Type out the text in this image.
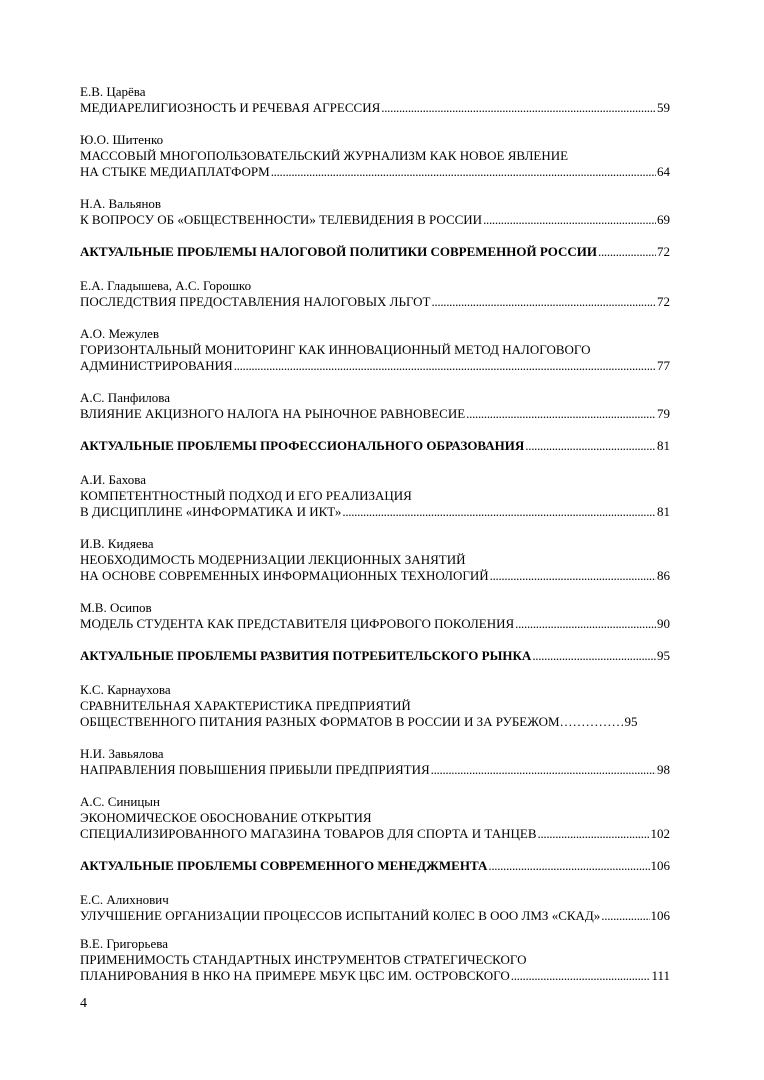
Е.В. Царёва
МЕДИАРЕЛИГИОЗНОСТЬ И РЕЧЕВАЯ АГРЕССИЯ .....	59
Ю.О. Шитенко
МАССОВЫЙ МНОГОПОЛЬЗОВАТЕЛЬСКИЙ ЖУРНАЛИЗМ КАК НОВОЕ ЯВЛЕНИЕ
НА СТЫКЕ МЕДИАПЛАТФОРМ .....	64
Н.А. Вальянов
К ВОПРОСУ ОБ «ОБЩЕСТВЕННОСТИ» ТЕЛЕВИДЕНИЯ В РОССИИ .....	69
АКТУАЛЬНЫЕ ПРОБЛЕМЫ НАЛОГОВОЙ ПОЛИТИКИ СОВРЕМЕННОЙ РОССИИ .....	72
Е.А. Гладышева, А.С. Горошко
ПОСЛЕДСТВИЯ ПРЕДОСТАВЛЕНИЯ НАЛОГОВЫХ ЛЬГОТ .....	72
А.О. Межулев
ГОРИЗОНТАЛЬНЫЙ МОНИТОРИНГ КАК ИННОВАЦИОННЫЙ МЕТОД НАЛОГОВОГО
АДМИНИСТРИРОВАНИЯ .....	77
А.С. Панфилова
ВЛИЯНИЕ АКЦИЗНОГО НАЛОГА НА РЫНОЧНОЕ РАВНОВЕСИЕ .....	79
АКТУАЛЬНЫЕ ПРОБЛЕМЫ ПРОФЕССИОНАЛЬНОГО ОБРАЗОВАНИЯ .....	81
А.И. Бахова
КОМПЕТЕНТНОСТНЫЙ ПОДХОД И ЕГО РЕАЛИЗАЦИЯ
В ДИСЦИПЛИНЕ «ИНФОРМАТИКА И ИКТ» .....	81
И.В. Кидяева
НЕОБХОДИМОСТЬ МОДЕРНИЗАЦИИ ЛЕКЦИОННЫХ ЗАНЯТИЙ
НА ОСНОВЕ СОВРЕМЕННЫХ ИНФОРМАЦИОННЫХ ТЕХНОЛОГИЙ .....	86
М.В. Осипов
МОДЕЛЬ СТУДЕНТА КАК ПРЕДСТАВИТЕЛЯ ЦИФРОВОГО ПОКОЛЕНИЯ .....	90
АКТУАЛЬНЫЕ ПРОБЛЕМЫ РАЗВИТИЯ ПОТРЕБИТЕЛЬСКОГО РЫНКА .....	95
К.С. Карнаухова
СРАВНИТЕЛЬНАЯ ХАРАКТЕРИСТИКА ПРЕДПРИЯТИЙ
ОБЩЕСТВЕННОГО ПИТАНИЯ РАЗНЫХ ФОРМАТОВ В РОССИИ И ЗА РУБЕЖОМ…………… 95
Н.И. Завьялова
НАПРАВЛЕНИЯ ПОВЫШЕНИЯ ПРИБЫЛИ ПРЕДПРИЯТИЯ .....	98
А.С. Синицын
ЭКОНОМИЧЕСКОЕ ОБОСНОВАНИЕ ОТКРЫТИЯ
СПЕЦИАЛИЗИРОВАННОГО МАГАЗИНА ТОВАРОВ ДЛЯ СПОРТА И ТАНЦЕВ .....	102
АКТУАЛЬНЫЕ ПРОБЛЕМЫ СОВРЕМЕННОГО МЕНЕДЖМЕНТА .....	106
Е.С. Алихнович
УЛУЧШЕНИЕ ОРГАНИЗАЦИИ ПРОЦЕССОВ ИСПЫТАНИЙ КОЛЕС В ООО ЛМЗ «СКАД» .....	106
В.Е. Григорьева
ПРИМЕНИМОСТЬ СТАНДАРТНЫХ ИНСТРУМЕНТОВ СТРАТЕГИЧЕСКОГО
ПЛАНИРОВАНИЯ В НКО НА ПРИМЕРЕ МБУК ЦБС ИМ. ОСТРОВСКОГО .....	111
4
